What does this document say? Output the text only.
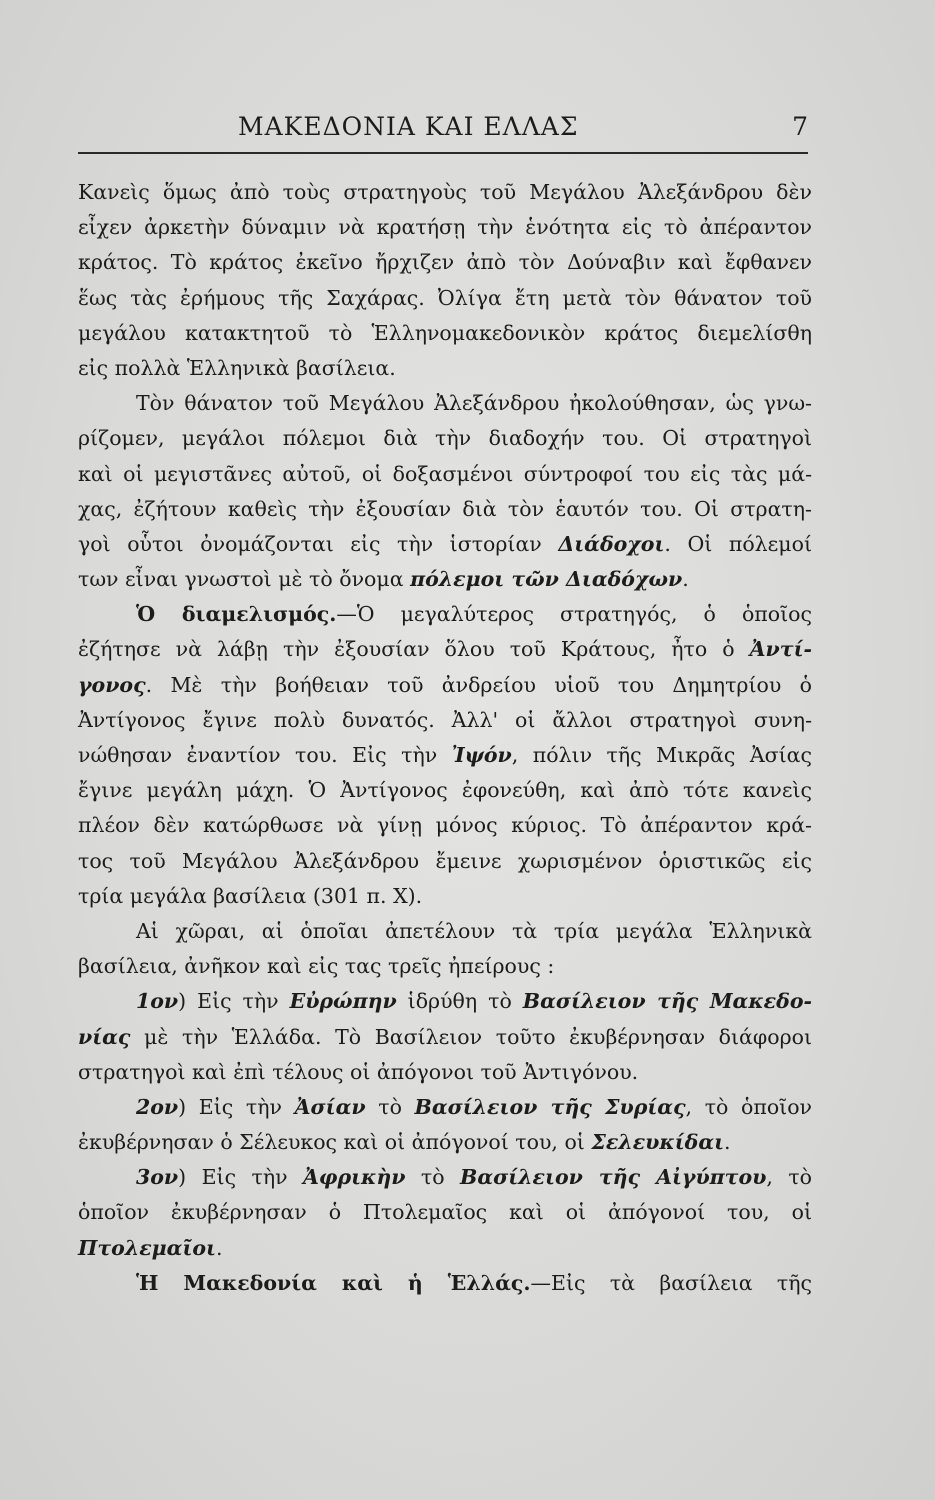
ΜΑΚΕΔΟΝΙΑ ΚΑΙ ΕΛΛΑΣ	7
Κανεὶς ὅμως ἀπὸ τοὺς στρατηγοὺς τοῦ Μεγάλου Ἀλεξάνδρου δὲν
εἶχεν ἀρκετὴν δύναμιν νὰ κρατήσῃ τὴν ἑνότητα εἰς τὸ ἀπέραντον
κράτος. Τὸ κράτος ἐκεῖνο ἤρχιζεν ἀπὸ τὸν Δούναβιν καὶ ἔφθανεν
ἕως τὰς ἐρήμους τῆς Σαχάρας. Ὀλίγα ἔτη μετὰ τὸν θάνατον τοῦ
μεγάλου κατακτητοῦ τὸ Ἑλληνομακεδονικὸν κράτος διεμελίσθη
εἰς πολλὰ Ἑλληνικὰ βασίλεια.
Τὸν θάνατον τοῦ Μεγάλου Ἀλεξάνδρου ἠκολούθησαν, ὡς γνω-
ρίζομεν, μεγάλοι πόλεμοι διὰ τὴν διαδοχήν του. Οἱ στρατηγοὶ
καὶ οἱ μεγιστᾶνες αὐτοῦ, οἱ δοξασμένοι σύντροφοί του εἰς τὰς μά-
χας, ἐζήτουν καθεὶς τὴν ἐξουσίαν διὰ τὸν ἑαυτόν του. Οἱ στρατη-
γοὶ οὗτοι ὀνομάζονται εἰς τὴν ἱστορίαν Διάδοχοι. Οἱ πόλεμοί
των εἶναι γνωστοὶ μὲ τὸ ὄνομα πόλεμοι τῶν Διαδόχων.
Ὁ διαμελισμός.—Ὁ μεγαλύτερος στρατηγός, ὁ ὁποῖος
ἐζήτησε νὰ λάβῃ τὴν ἐξουσίαν ὅλου τοῦ Κράτους, ἦτο ὁ Ἀντί-
γονος. Μὲ τὴν βοήθειαν τοῦ ἀνδρείου υἱοῦ του Δημητρίου ὁ
Ἀντίγονος ἔγινε πολὺ δυνατός. Ἀλλ' οἱ ἄλλοι στρατηγοὶ συνη-
νώθησαν ἐναντίον του. Εἰς τὴν Ἰψόν, πόλιν τῆς Μικρᾶς Ἀσίας
ἔγινε μεγάλη μάχη. Ὁ Ἀντίγονος ἐφονεύθη, καὶ ἀπὸ τότε κανεὶς
πλέον δὲν κατώρθωσε νὰ γίνῃ μόνος κύριος. Τὸ ἀπέραντον κρά-
τος τοῦ Μεγάλου Ἀλεξάνδρου ἔμεινε χωρισμένον ὁριστικῶς εἰς
τρία μεγάλα βασίλεια (301 π. Χ).
Αἱ χῶραι, αἱ ὁποῖαι ἀπετέλουν τὰ τρία μεγάλα Ἑλληνικὰ
βασίλεια, ἀνῆκον καὶ εἰς τας τρεῖς ἠπείρους :
1ον) Εἰς τὴν Εὐρώπην ἱδρύθη τὸ Βασίλειον τῆς Μακεδο-
νίας μὲ τὴν Ἑλλάδα. Τὸ Βασίλειον τοῦτο ἐκυβέρνησαν διάφοροι
στρατηγοὶ καὶ ἐπὶ τέλους οἱ ἀπόγονοι τοῦ Ἀντιγόνου.
2ον) Εἰς τὴν Ἀσίαν τὸ Βασίλειον τῆς Συρίας, τὸ ὁποῖον
ἐκυβέρνησαν ὁ Σέλευκος καὶ οἱ ἀπόγονοί του, οἱ Σελευκίδαι.
3ον) Εἰς τὴν Ἀφρικὴν τὸ Βασίλειον τῆς Αἰγύπτου, τὸ
ὁποῖον ἐκυβέρνησαν ὁ Πτολεμαῖος καὶ οἱ ἀπόγονοί του, οἱ
Πτολεμαῖοι.
Ἡ Μακεδονία καὶ ἡ Ἑλλάς.—Εἰς τὰ βασίλεια τῆς
